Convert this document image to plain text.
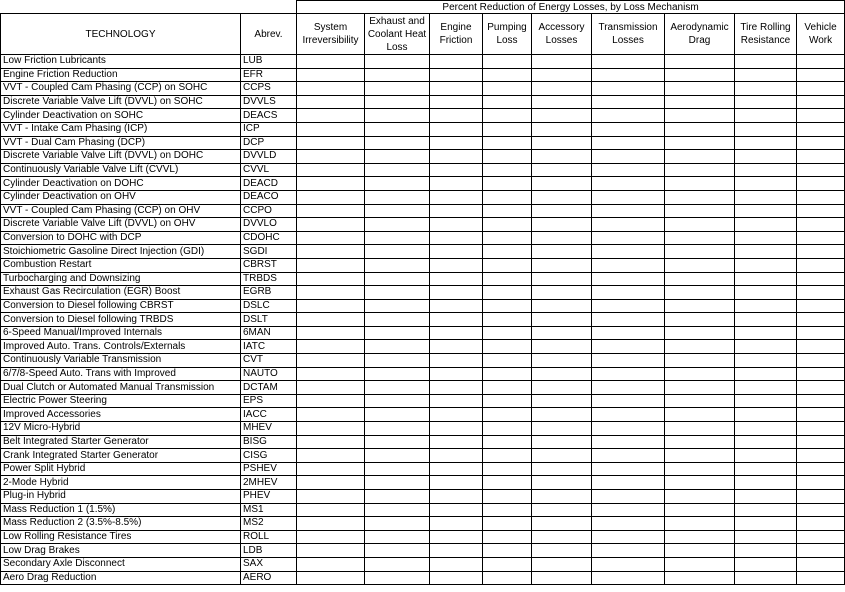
		Percent Reduction of Energy Losses, by Loss Mechanism								
TECHNOLOGY	Abrev.	System Irreversibility	Exhaust and Coolant Heat Loss	Engine Friction	Pumping Loss	Accessory Losses	Transmission Losses	Aerodynamic Drag	Tire Rolling Resistance	Vehicle Work
Low Friction Lubricants	LUB									
Engine Friction Reduction	EFR									
VVT - Coupled Cam Phasing (CCP) on SOHC	CCPS									
Discrete Variable Valve Lift (DVVL) on SOHC	DVVLS									
Cylinder Deactivation on SOHC	DEACS									
VVT - Intake Cam Phasing (ICP)	ICP									
VVT - Dual Cam Phasing (DCP)	DCP									
Discrete Variable Valve Lift (DVVL) on DOHC	DVVLD									
Continuously Variable Valve Lift (CVVL)	CVVL									
Cylinder Deactivation on DOHC	DEACD									
Cylinder Deactivation on OHV	DEACO									
VVT - Coupled Cam Phasing (CCP) on OHV	CCPO									
Discrete Variable Valve Lift (DVVL) on OHV	DVVLO									
Conversion to DOHC with DCP	CDOHC									
Stoichiometric Gasoline Direct Injection (GDI)	SGDI									
Combustion Restart	CBRST									
Turbocharging and Downsizing	TRBDS									
Exhaust Gas Recirculation (EGR) Boost	EGRB									
Conversion to Diesel following CBRST	DSLC									
Conversion to Diesel following TRBDS	DSLT									
6-Speed Manual/Improved Internals	6MAN									
Improved Auto. Trans. Controls/Externals	IATC									
Continuously Variable Transmission	CVT									
6/7/8-Speed Auto. Trans with Improved	NAUTO									
Dual Clutch or Automated Manual Transmission	DCTAM									
Electric Power Steering	EPS									
Improved Accessories	IACC									
12V Micro-Hybrid	MHEV									
Belt Integrated Starter Generator	BISG									
Crank Integrated Starter Generator	CISG									
Power Split Hybrid	PSHEV									
2-Mode Hybrid	2MHEV									
Plug-in Hybrid	PHEV									
Mass Reduction 1 (1.5%)	MS1									
Mass Reduction 2 (3.5%-8.5%)	MS2									
Low Rolling Resistance Tires	ROLL									
Low Drag Brakes	LDB									
Secondary Axle Disconnect	SAX									
Aero Drag Reduction	AERO									
